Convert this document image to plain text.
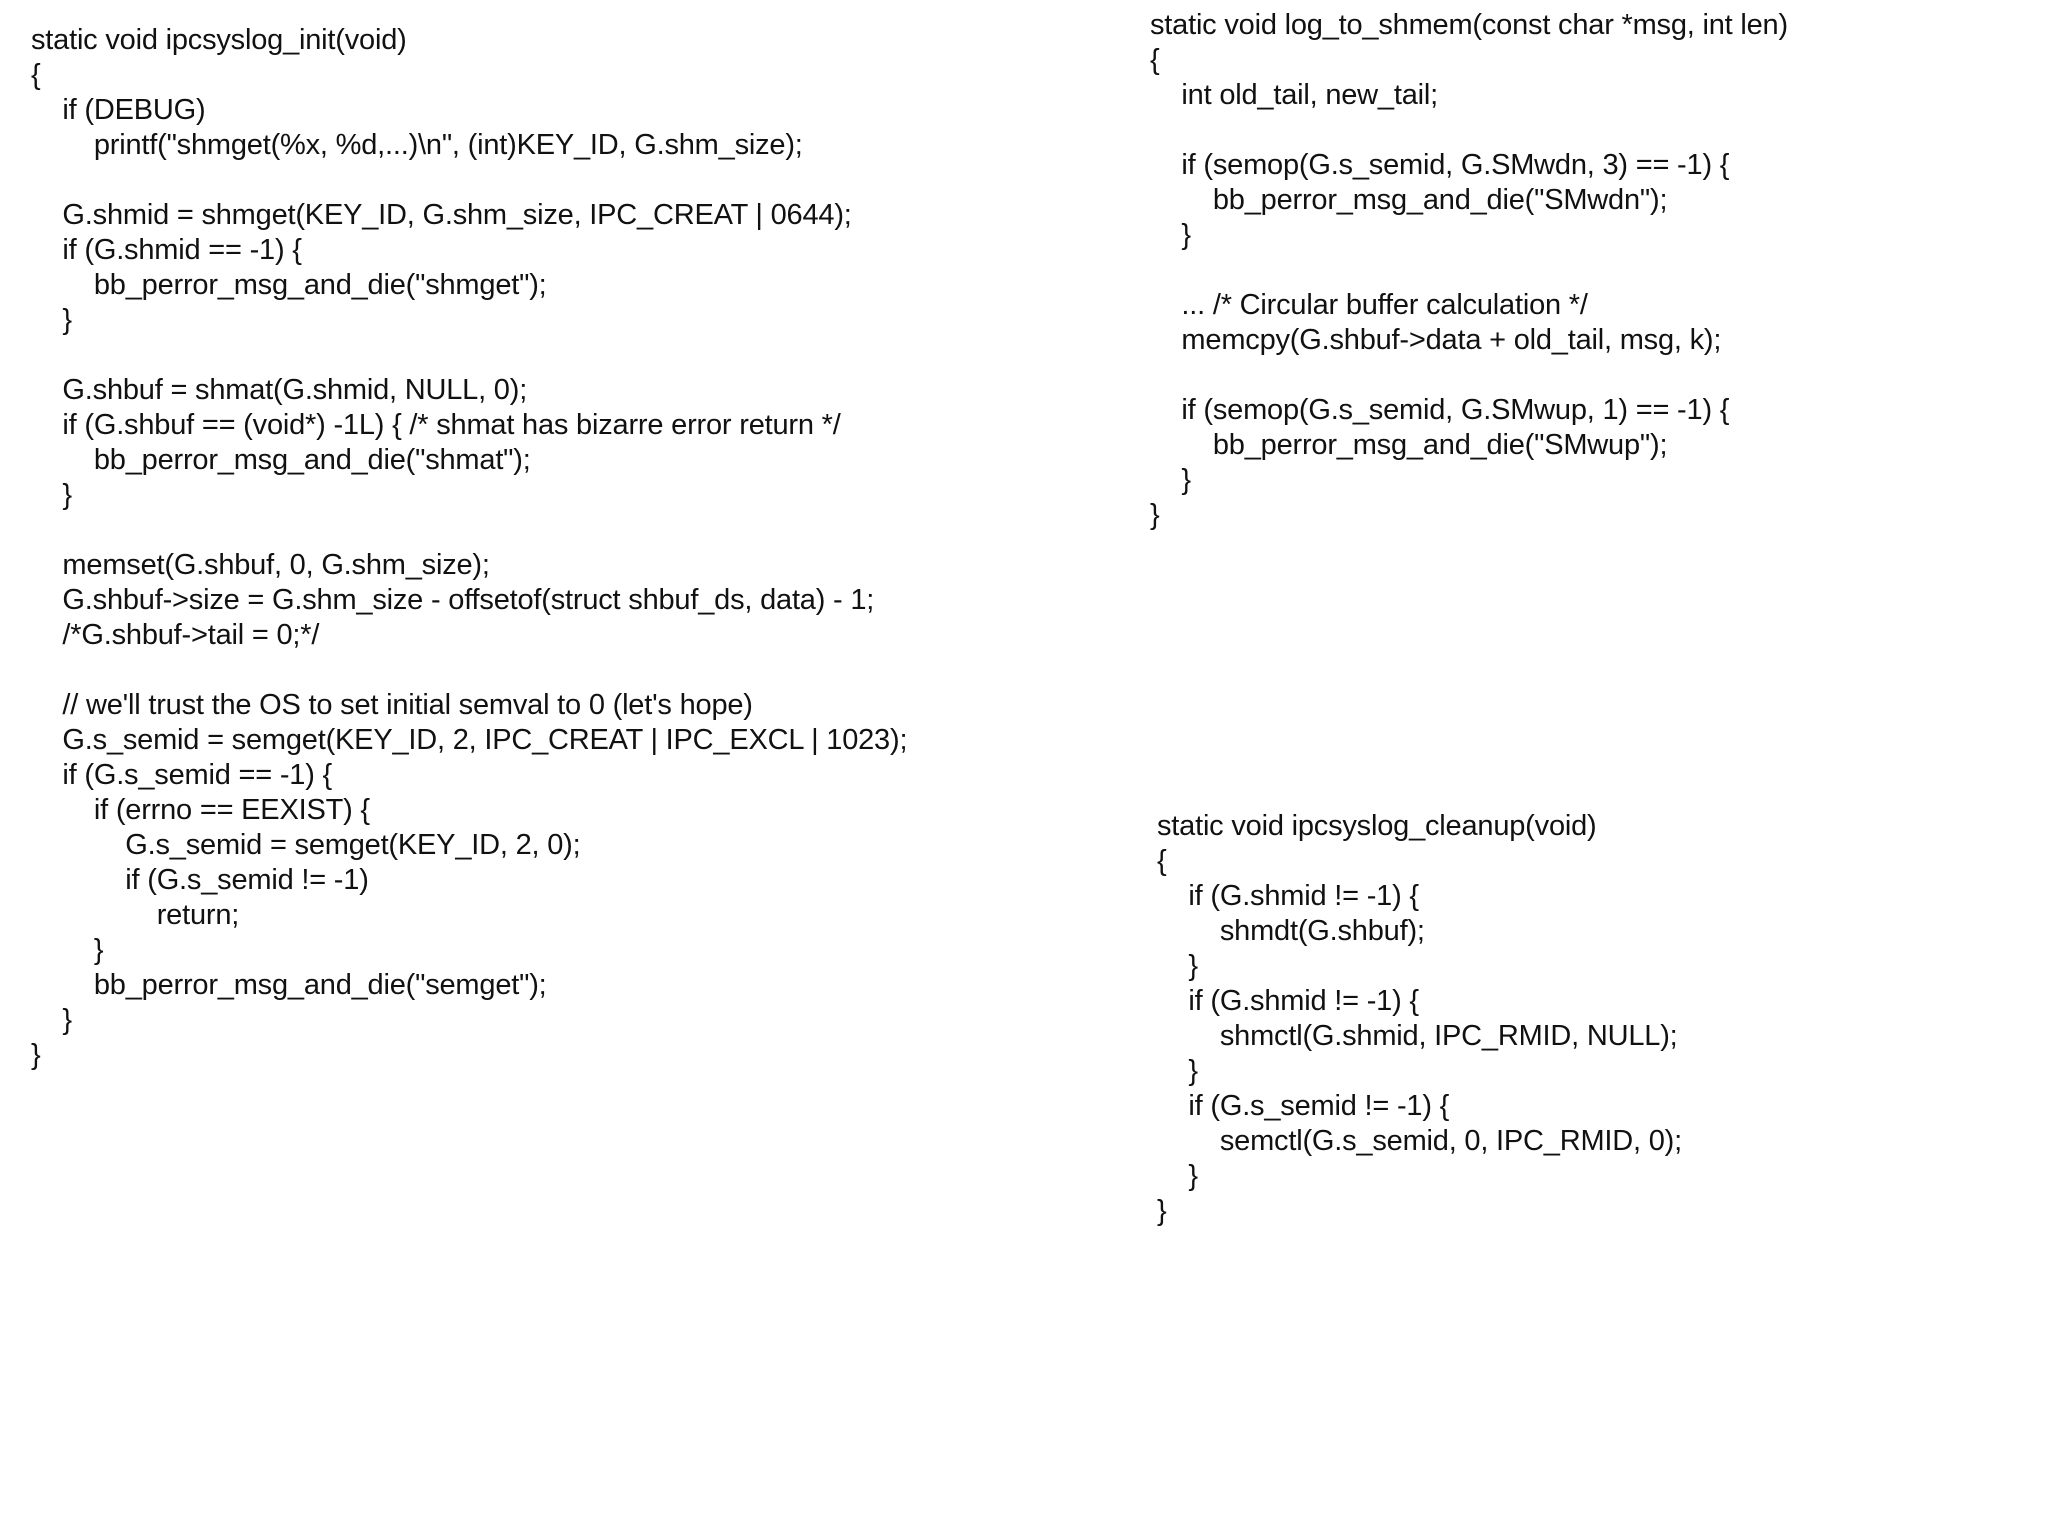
static void ipcsyslog_init(void)
{
if (DEBUG)
printf("shmget(%x, %d,...)\n", (int)KEY_ID, G.shm_size);
G.shmid = shmget(KEY_ID, G.shm_size, IPC_CREAT | 0644);
if (G.shmid == -1) {
bb_perror_msg_and_die("shmget");
}
G.shbuf = shmat(G.shmid, NULL, 0);
if (G.shbuf == (void*) -1L) { /* shmat has bizarre error return */
bb_perror_msg_and_die("shmat");
}
memset(G.shbuf, 0, G.shm_size);
G.shbuf->size = G.shm_size - offsetof(struct shbuf_ds, data) - 1;
/*G.shbuf->tail = 0;*/
// we'll trust the OS to set initial semval to 0 (let's hope)
G.s_semid = semget(KEY_ID, 2, IPC_CREAT | IPC_EXCL | 1023);
if (G.s_semid == -1) {
if (errno == EEXIST) {
G.s_semid = semget(KEY_ID, 2, 0);
if (G.s_semid != -1)
return;
}
bb_perror_msg_and_die("semget");
}
}
static void log_to_shmem(const char *msg, int len)
{
int old_tail, new_tail;
if (semop(G.s_semid, G.SMwdn, 3) == -1) {
bb_perror_msg_and_die("SMwdn");
}
... /* Circular buffer calculation */
memcpy(G.shbuf->data + old_tail, msg, k);
if (semop(G.s_semid, G.SMwup, 1) == -1) {
bb_perror_msg_and_die("SMwup");
}
}
static void ipcsyslog_cleanup(void)
{
if (G.shmid != -1) {
shmdt(G.shbuf);
}
if (G.shmid != -1) {
shmctl(G.shmid, IPC_RMID, NULL);
}
if (G.s_semid != -1) {
semctl(G.s_semid, 0, IPC_RMID, 0);
}
}
